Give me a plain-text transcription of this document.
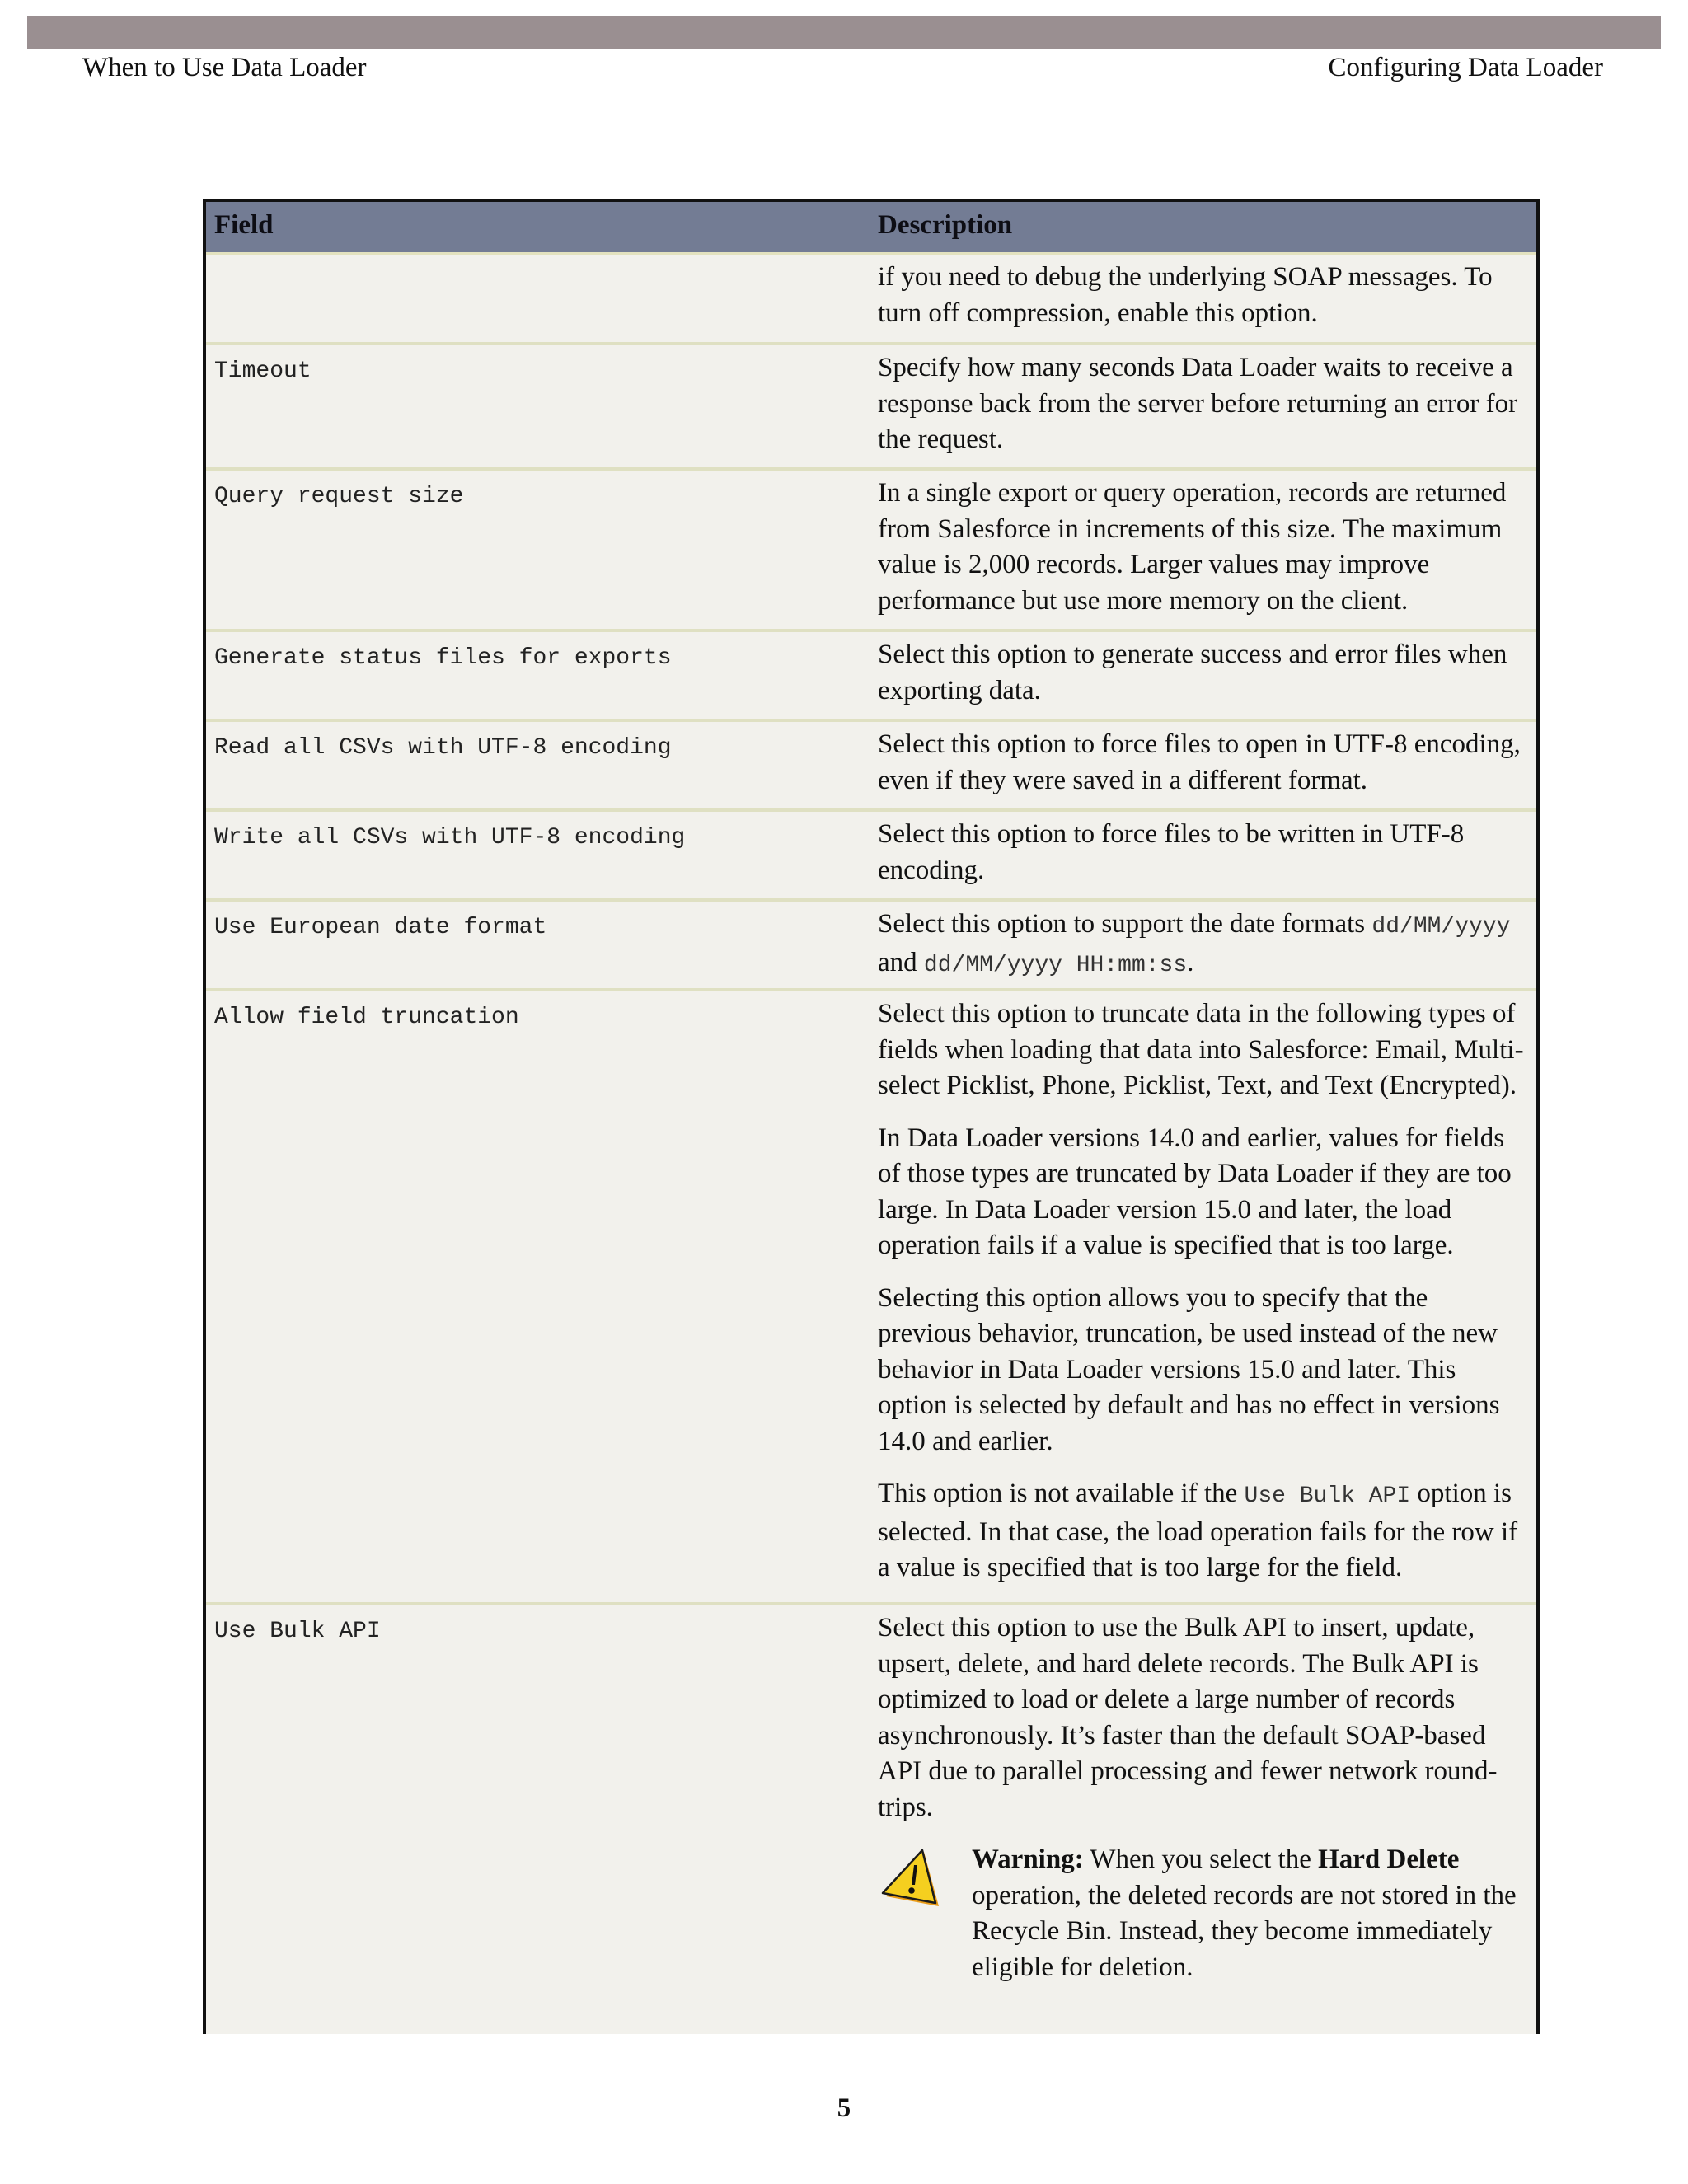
When to Use Data Loader	Configuring Data Loader
Field	Description

if you need to debug the underlying SOAP messages. To turn off compression, enable this option.

Timeout	Specify how many seconds Data Loader waits to receive a response back from the server before returning an error for the request.

Query request size	In a single export or query operation, records are returned from Salesforce in increments of this size. The maximum value is 2,000 records. Larger values may improve performance but use more memory on the client.

Generate status files for exports	Select this option to generate success and error files when exporting data.

Read all CSVs with UTF-8 encoding	Select this option to force files to open in UTF-8 encoding, even if they were saved in a different format.

Write all CSVs with UTF-8 encoding	Select this option to force files to be written in UTF-8 encoding.

Use European date format	Select this option to support the date formats dd/MM/yyyy and dd/MM/yyyy HH:mm:ss.

Allow field truncation	Select this option to truncate data in the following types of fields when loading that data into Salesforce: Email, Multi-select Picklist, Phone, Picklist, Text, and Text (Encrypted).

In Data Loader versions 14.0 and earlier, values for fields of those types are truncated by Data Loader if they are too large. In Data Loader version 15.0 and later, the load operation fails if a value is specified that is too large.

Selecting this option allows you to specify that the previous behavior, truncation, be used instead of the new behavior in Data Loader versions 15.0 and later. This option is selected by default and has no effect in versions 14.0 and earlier.

This option is not available if the Use Bulk API option is selected. In that case, the load operation fails for the row if a value is specified that is too large for the field.

Use Bulk API	Select this option to use the Bulk API to insert, update, upsert, delete, and hard delete records. The Bulk API is optimized to load or delete a large number of records asynchronously. It’s faster than the default SOAP-based API due to parallel processing and fewer network round-trips.

Warning: When you select the Hard Delete operation, the deleted records are not stored in the Recycle Bin. Instead, they become immediately eligible for deletion.
5
